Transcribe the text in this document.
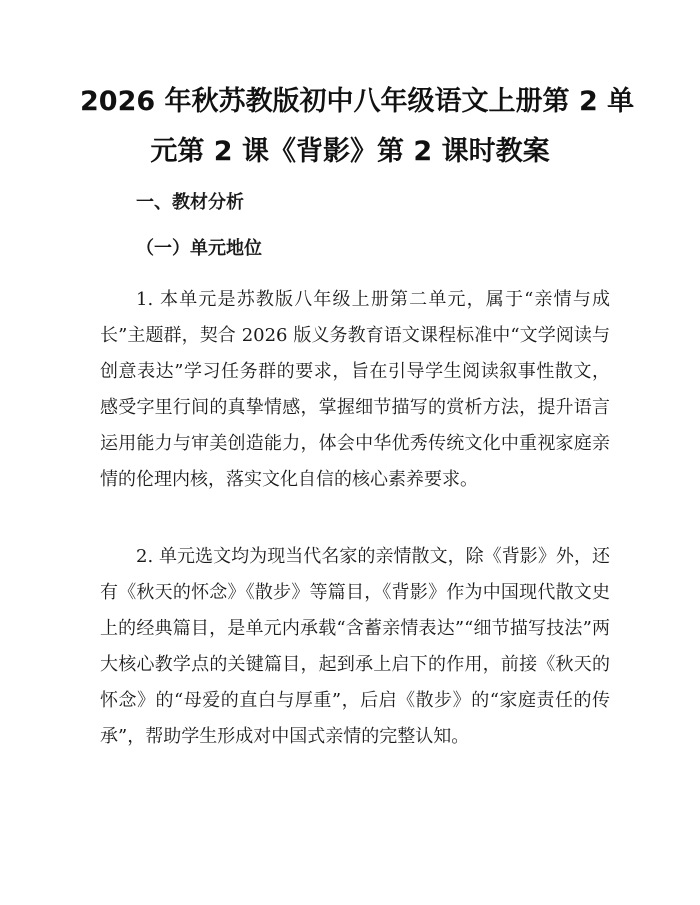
2026 年秋苏教版初中八年级语文上册第 2 单
元第 2 课《背影》第 2 课时教案
一、教材分析
（一）单元地位

1. 本单元是苏教版八年级上册第二单元，属于“亲情与成长”主题群，契合 2026 版义务教育语文课程标准中“文学阅读与创意表达”学习任务群的要求，旨在引导学生阅读叙事性散文，感受字里行间的真挚情感，掌握细节描写的赏析方法，提升语言运用能力与审美创造能力，体会中华优秀传统文化中重视家庭亲情的伦理内核，落实文化自信的核心素养要求。

2. 单元选文均为现当代名家的亲情散文，除《背影》外，还有《秋天的怀念》《散步》等篇目，《背影》作为中国现代散文史上的经典篇目，是单元内承载“含蓄亲情表达”“细节描写技法”两大核心教学点的关键篇目，起到承上启下的作用，前接《秋天的怀念》的“母爱的直白与厚重”，后启《散步》的“家庭责任的传承”，帮助学生形成对中国式亲情的完整认知。
